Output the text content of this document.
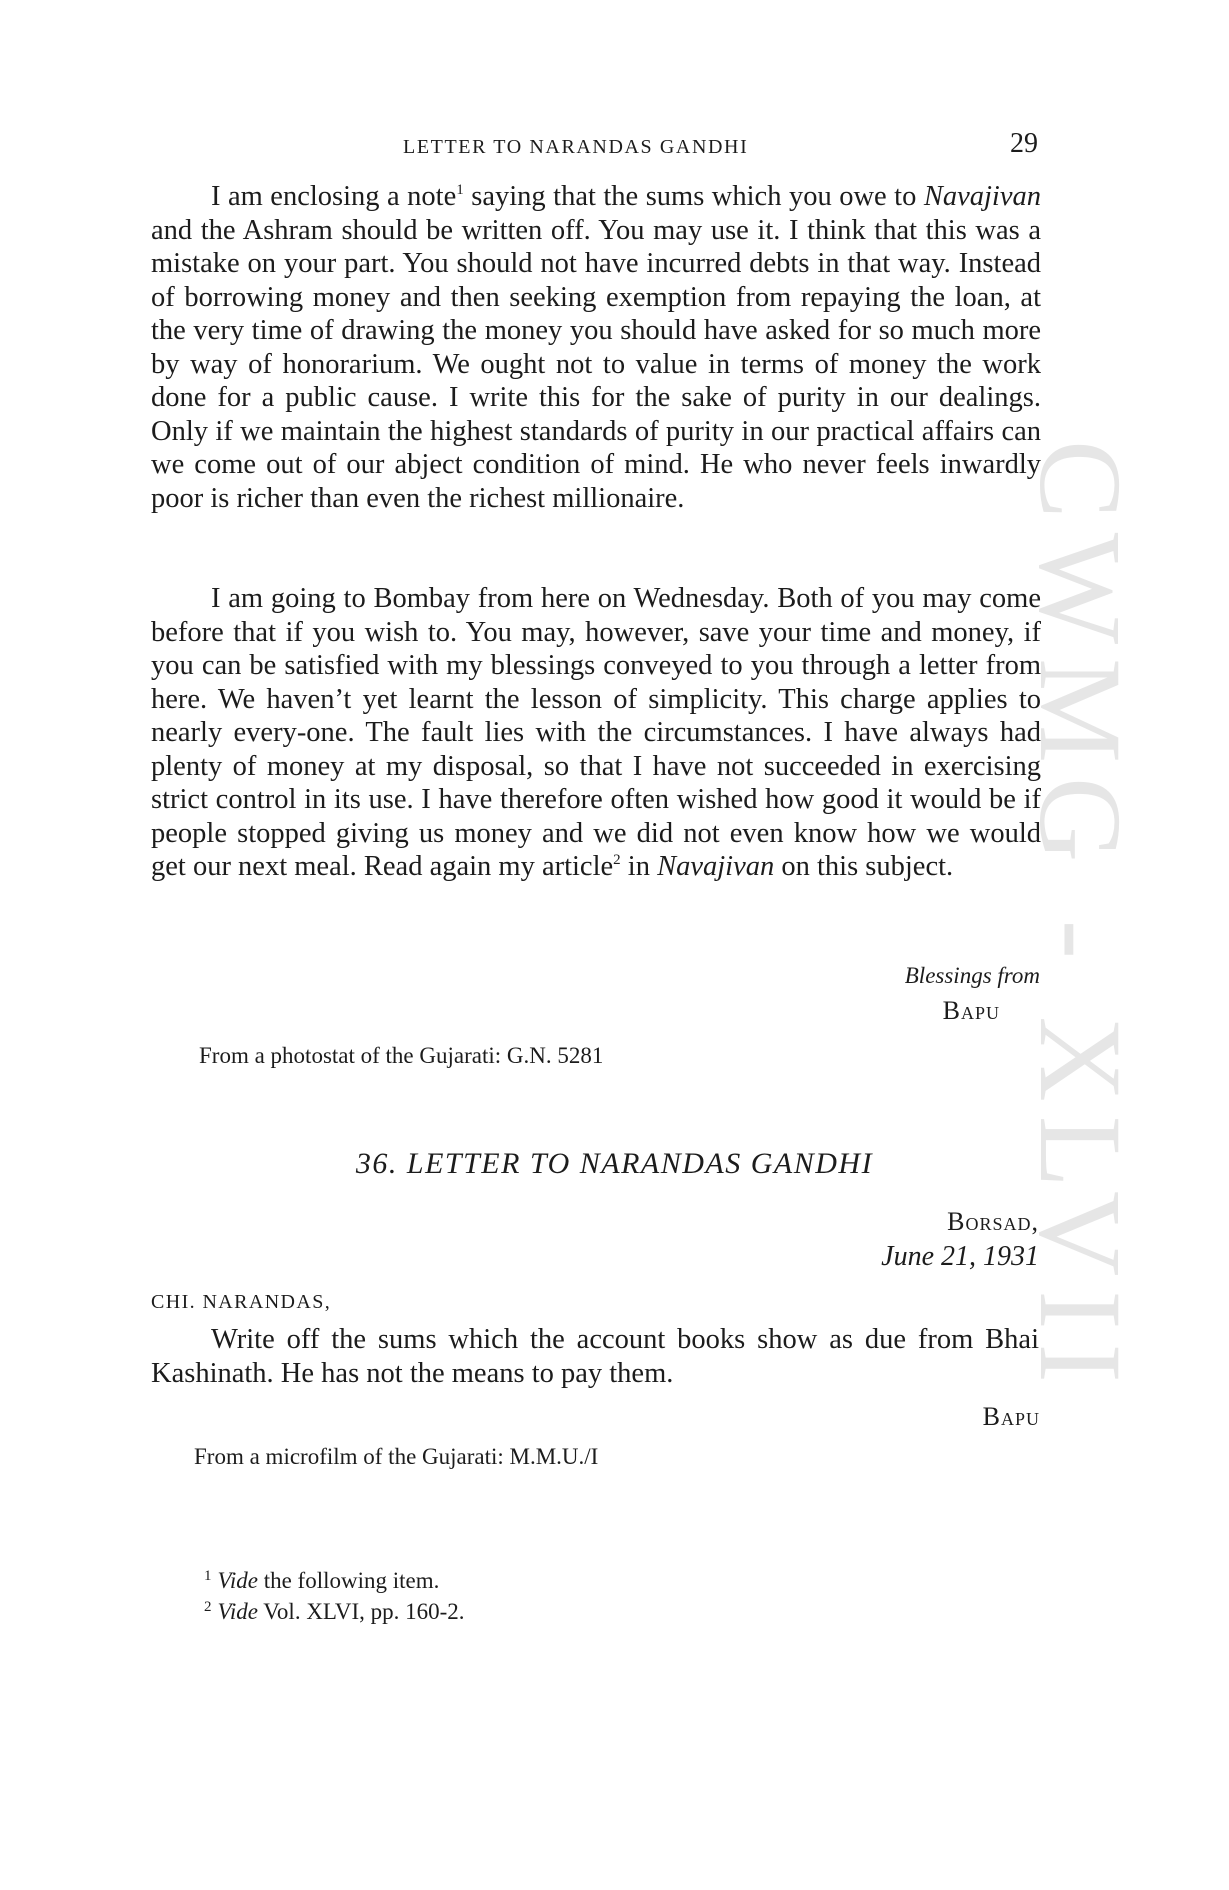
CWMG - XLVII
LETTER TO NARANDAS GANDHI	29

I am enclosing a note$^1$ saying that the sums which you owe to Navajivan and the Ashram should be written off. You may use it. I think that this was a mistake on your part. You should not have incurred debts in that way. Instead of borrowing money and then seeking exemption from repaying the loan, at the very time of drawing the money you should have asked for so much more by way of honorarium. We ought not to value in terms of money the work done for a public cause. I write this for the sake of purity in our dealings. Only if we maintain the highest standards of purity in our practical affairs can we come out of our abject condition of mind. He who never feels inwardly poor is richer than even the richest millionaire.

I am going to Bombay from here on Wednesday. Both of you may come before that if you wish to. You may, however, save your time and money, if you can be satisfied with my blessings conveyed to you through a letter from here. We haven’t yet learnt the lesson of simplicity. This charge applies to nearly every-one. The fault lies with the circumstances. I have always had plenty of money at my disposal, so that I have not succeeded in exercising strict control in its use. I have therefore often wished how good it would be if people stopped giving us money and we did not even know how we would get our next meal. Read again my article$^2$ in Navajivan on this subject.

Blessings from
Bapu
From a photostat of the Gujarati: G.N. 5281
36. LETTER TO NARANDAS GANDHI
Borsad,
June 21, 1931
CHI. NARANDAS,

Write off the sums which the account books show as due from Bhai Kashinath. He has not the means to pay them.

Bapu
From a microfilm of the Gujarati: M.M.U./I
$^1$ Vide the following item.
$^2$ Vide Vol. XLVI, pp. 160-2.
